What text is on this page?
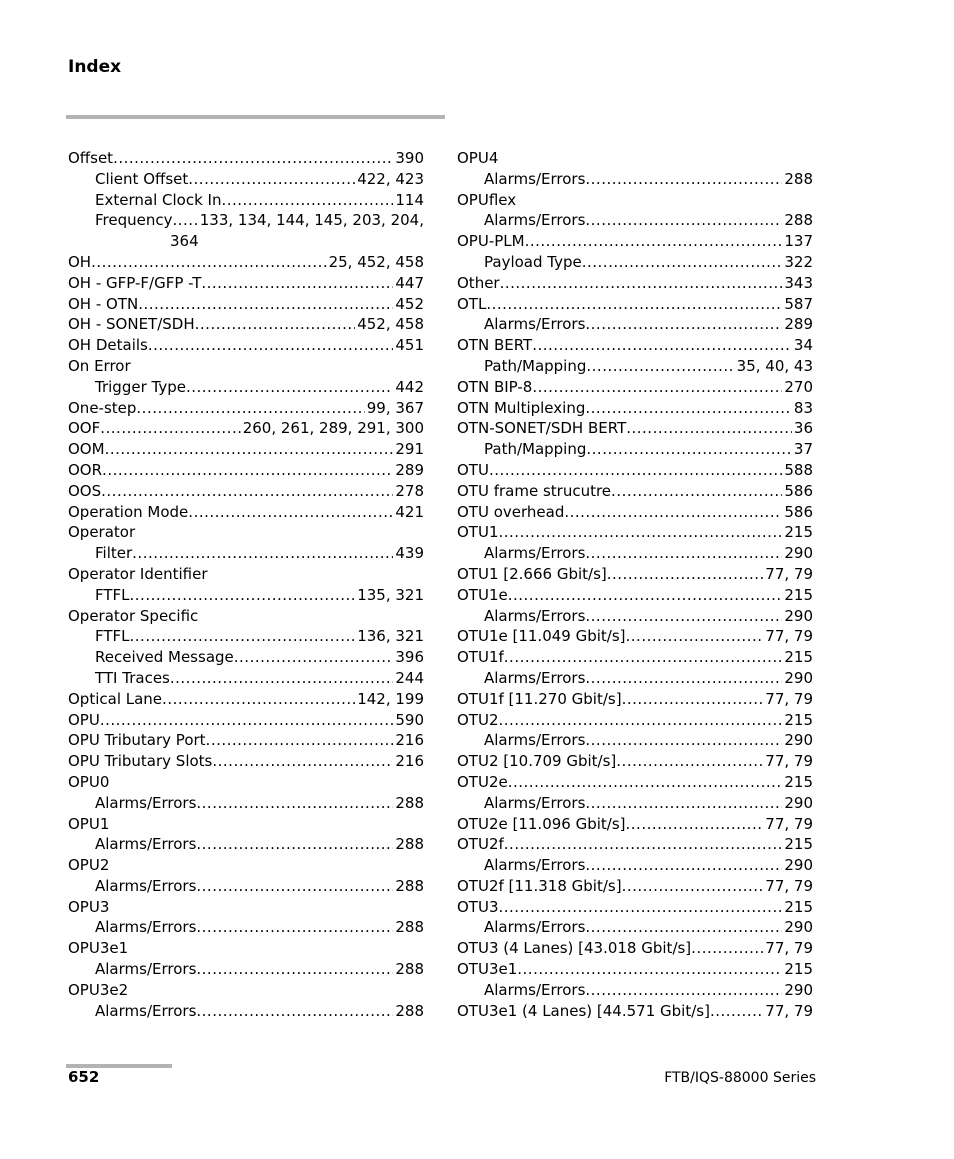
Index
Offset .....	390
Client Offset .....	422, 423
External Clock In .....	114
Frequency ..... 133, 134, 144, 145, 203, 204,
364
OH .....	25, 452, 458
OH - GFP-F/GFP -T .....	447
OH - OTN .....	452
OH - SONET/SDH .....	452, 458
OH Details .....	451
On Error
Trigger Type .....	442
One-step .....	99, 367
OOF .....	260, 261, 289, 291, 300
OOM .....	291
OOR .....	289
OOS .....	278
Operation Mode .....	421
Operator
Filter .....	439
Operator Identifier
FTFL .....	135, 321
Operator Specific
FTFL .....	136, 321
Received Message .....	396
TTI Traces .....	244
Optical Lane .....	142, 199
OPU .....	590
OPU Tributary Port .....	216
OPU Tributary Slots .....	216
OPU0
Alarms/Errors .....	288
OPU1
Alarms/Errors .....	288
OPU2
Alarms/Errors .....	288
OPU3
Alarms/Errors .....	288
OPU3e1
Alarms/Errors .....	288
OPU3e2
Alarms/Errors .....	288
OPU4
Alarms/Errors .....	288
OPUflex
Alarms/Errors .....	288
OPU-PLM .....	137
Payload Type .....	322
Other .....	343
OTL .....	587
Alarms/Errors .....	289
OTN BERT .....	34
Path/Mapping .....	35, 40, 43
OTN BIP-8 .....	270
OTN Multiplexing .....	83
OTN-SONET/SDH BERT .....	36
Path/Mapping .....	37
OTU .....	588
OTU frame strucutre .....	586
OTU overhead .....	586
OTU1 .....	215
Alarms/Errors .....	290
OTU1 [2.666 Gbit/s] .....	77, 79
OTU1e .....	215
Alarms/Errors .....	290
OTU1e [11.049 Gbit/s] .....	77, 79
OTU1f .....	215
Alarms/Errors .....	290
OTU1f [11.270 Gbit/s] .....	77, 79
OTU2 .....	215
Alarms/Errors .....	290
OTU2 [10.709 Gbit/s] .....	77, 79
OTU2e .....	215
Alarms/Errors .....	290
OTU2e [11.096 Gbit/s] .....	77, 79
OTU2f .....	215
Alarms/Errors .....	290
OTU2f [11.318 Gbit/s] .....	77, 79
OTU3 .....	215
Alarms/Errors .....	290
OTU3 (4 Lanes) [43.018 Gbit/s] .....	77, 79
OTU3e1 .....	215
Alarms/Errors .....	290
OTU3e1 (4 Lanes) [44.571 Gbit/s] .....	77, 79
652	FTB/IQS-88000 Series
